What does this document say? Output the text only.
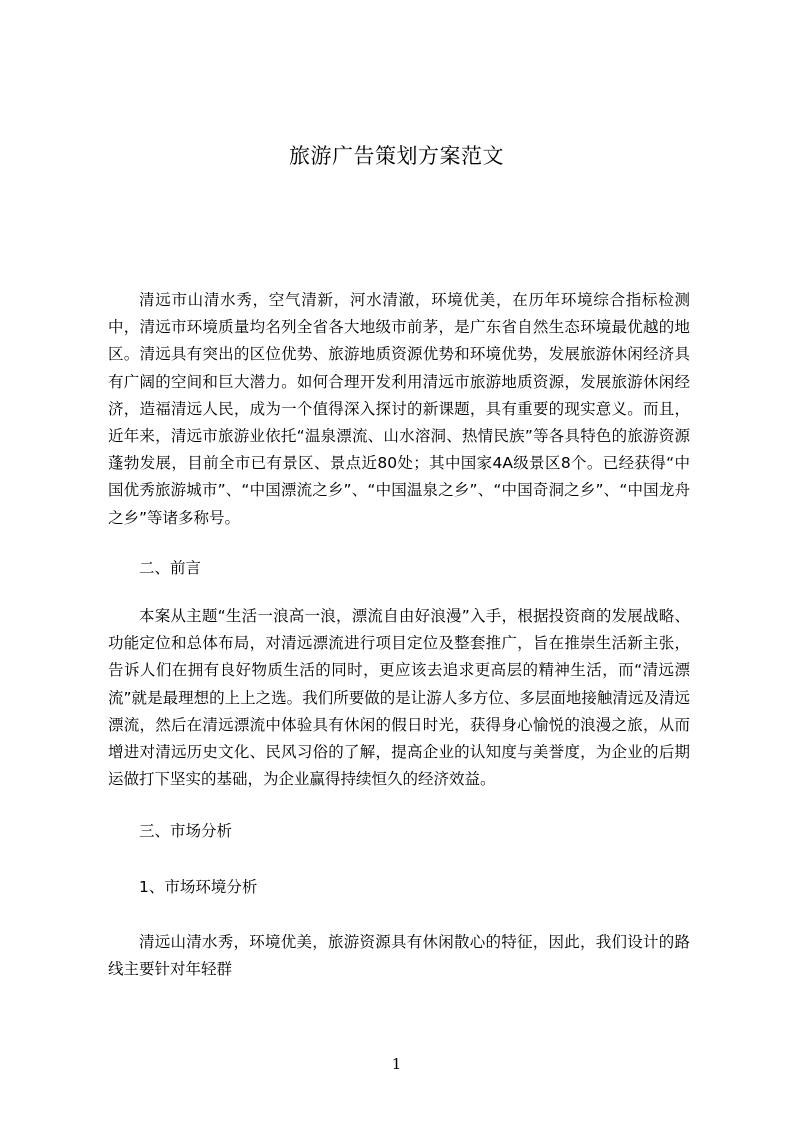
旅游广告策划方案范文

清远市山清水秀，空气清新，河水清澈，环境优美，在历年环境综合指标检测中，清远市环境质量均名列全省各大地级市前茅，是广东省自然生态环境最优越的地区。清远具有突出的区位优势、旅游地质资源优势和环境优势，发展旅游休闲经济具有广阔的空间和巨大潜力。如何合理开发利用清远市旅游地质资源，发展旅游休闲经济，造福清远人民，成为一个值得深入探讨的新课题，具有重要的现实意义。而且，近年来，清远市旅游业依托“温泉漂流、山水溶洞、热情民族”等各具特色的旅游资源蓬勃发展，目前全市已有景区、景点近80处；其中国家4A级景区8个。已经获得“中国优秀旅游城市”、“中国漂流之乡”、“中国温泉之乡”、“中国奇洞之乡”、“中国龙舟之乡”等诸多称号。

二、前言

本案从主题“生活一浪高一浪，漂流自由好浪漫”入手，根据投资商的发展战略、功能定位和总体布局，对清远漂流进行项目定位及整套推广，旨在推崇生活新主张，告诉人们在拥有良好物质生活的同时，更应该去追求更高层的精神生活，而“清远漂流”就是最理想的上上之选。我们所要做的是让游人多方位、多层面地接触清远及清远漂流，然后在清远漂流中体验具有休闲的假日时光，获得身心愉悦的浪漫之旅，从而增进对清远历史文化、民风习俗的了解，提高企业的认知度与美誉度，为企业的后期运做打下坚实的基础，为企业赢得持续恒久的经济效益。

三、市场分析

1、市场环境分析

清远山清水秀，环境优美，旅游资源具有休闲散心的特征，因此，我们设计的路线主要针对年轻群

1
